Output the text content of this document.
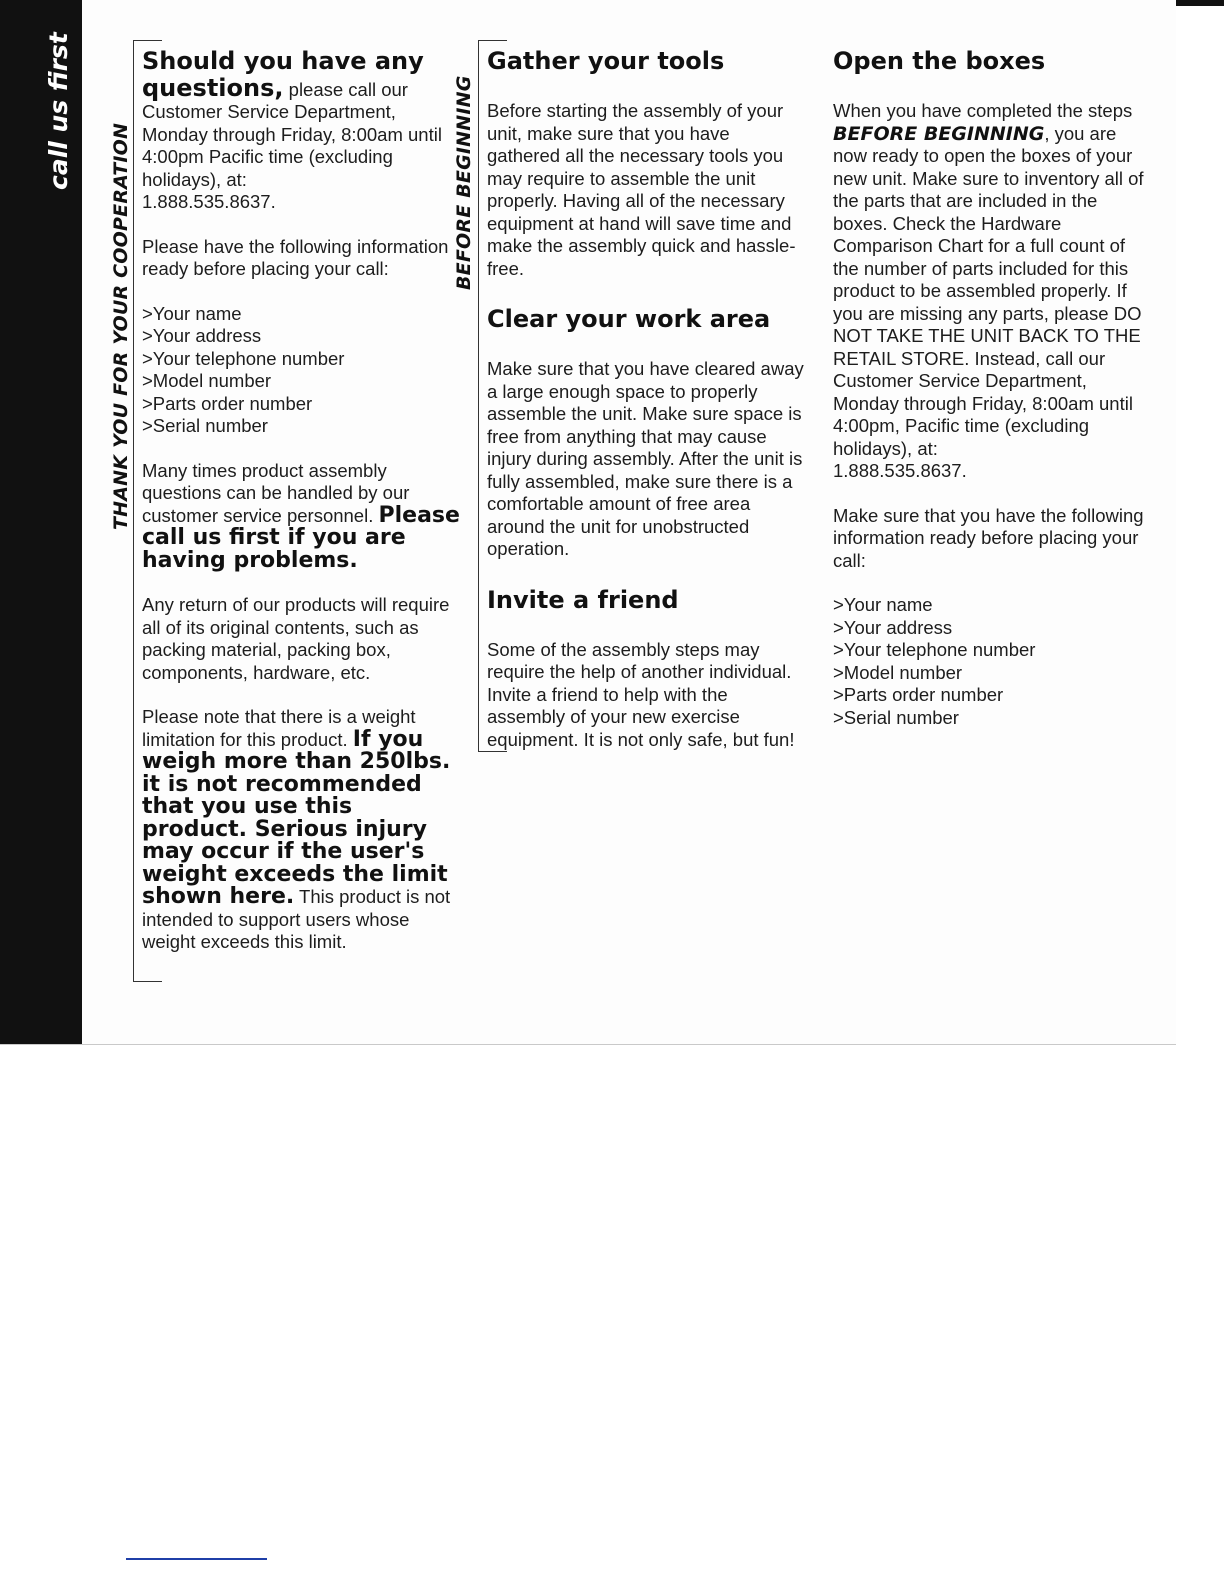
call us first
THANK YOU FOR YOUR COOPERATION	BEFORE BEGINNING

Should you have any questions, please call our Customer Service Department, Monday through Friday, 8:00am until 4:00pm Pacific time (excluding holidays), at:

1.888.535.8637.

Please have the following information ready before placing your call:

>Your name
>Your address
>Your telephone number
>Model number
>Parts order number
>Serial number

Many times product assembly questions can be handled by our customer service personnel. Please call us first if you are having problems.

Any return of our products will require all of its original contents, such as packing material, packing box, components, hardware, etc.

Please note that there is a weight limitation for this product. If you weigh more than 250lbs. it is not recommended that you use this product. Serious injury may occur if the user's weight exceeds the limit shown here. This product is not intended to support users whose weight exceeds this limit.

Gather your tools

Before starting the assembly of your unit, make sure that you have gathered all the necessary tools you may require to assemble the unit properly. Having all of the necessary equipment at hand will save time and make the assembly quick and hassle-free.

Clear your work area

Make sure that you have cleared away a large enough space to properly assemble the unit. Make sure space is free from anything that may cause injury during assembly. After the unit is fully assembled, make sure there is a comfortable amount of free area around the unit for unobstructed operation.

Invite a friend

Some of the assembly steps may require the help of another individual. Invite a friend to help with the assembly of your new exercise equipment. It is not only safe, but fun!

Open the boxes

When you have completed the steps BEFORE BEGINNING, you are now ready to open the boxes of your new unit. Make sure to inventory all of the parts that are included in the boxes. Check the Hardware Comparison Chart for a full count of the number of parts included for this product to be assembled properly. If you are missing any parts, please DO NOT TAKE THE UNIT BACK TO THE RETAIL STORE. Instead, call our Customer Service Department, Monday through Friday, 8:00am until 4:00pm, Pacific time (excluding holidays), at:

1.888.535.8637.

Make sure that you have the following information ready before placing your call:

>Your name
>Your address
>Your telephone number
>Model number
>Parts order number
>Serial number
